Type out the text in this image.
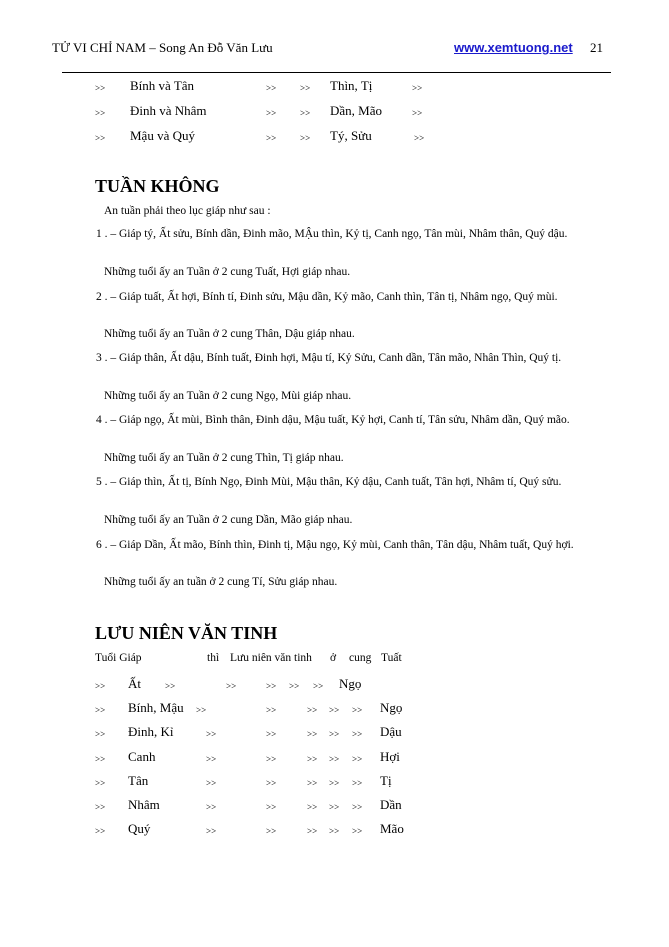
TỬ VI CHỈ NAM – Song An Đỗ Văn Lưu	www.xemtuong.net 21
>> Bính và Tân	>>	>> Thìn, Tị	>>
>> Đinh và Nhâm	>>	>> Dần, Mão	>>
>> Mậu và Quý	>>	>> Tý, Sửu	>>
TUẦN KHÔNG
An tuần phải theo lục giáp như sau :
1 . – Giáp tý, Ất sửu, Bính dần, Đinh mão, MẬu thìn, Kỷ tị, Canh ngọ, Tân mùi, Nhâm thân, Quý dậu.
Những tuổi ấy an Tuần ở 2 cung Tuất, Hợi giáp nhau.
2 . – Giáp tuất, Ất hợi, Bính tí, Đinh sửu, Mậu dần, Kỷ mão, Canh thìn, Tân tị, Nhâm ngọ, Quý mùi.
Những tuổi ấy an Tuần ở 2 cung Thân, Dậu giáp nhau.
3 . – Giáp thân, Ất dậu, Bính tuất, Đinh hợi, Mậu tí, Kỷ Sửu, Canh dần, Tân mão, Nhân Thìn, Quý tị.
Những tuổi ấy an Tuần ở 2 cung Ngọ, Mùi giáp nhau.
4 . – Giáp ngọ, Ất mùi, Bình thân, Đinh dậu, Mậu tuất, Kỷ hợi, Canh tí, Tân sửu, Nhâm dần, Quý mão.
Những tuổi ấy an Tuần ở 2 cung Thìn, Tị giáp nhau.
5 . – Giáp thìn, Ất tị, Bính Ngọ, Đinh Mùi, Mậu thân, Kỷ dậu, Canh tuất, Tân hợi, Nhâm tí, Quý sửu.
Những tuổi ấy an Tuần ở 2 cung Dần, Mão giáp nhau.
6 . – Giáp Dần, Ất mão, Bính thìn, Đinh tị, Mậu ngọ, Kỷ mùi, Canh thân, Tân dậu, Nhâm tuất, Quý hợi.
Những tuổi ấy an tuần ở 2 cung Tí, Sửu giáp nhau.
LƯU NIÊN VĂN TINH
Tuổi Giáp	thì Lưu niên văn tinh ở cung Tuất
>> Ất	>>	>>	>> >> >> Ngọ
>> Bính, Mậu >>	>>	>> >> >> Ngọ
>> Đinh, Kỉ	>>	>>	>> >> >> Dậu
>> Canh	>>	>>	>> >> >> Hợi
>> Tân	>>	>>	>> >> >> Tị
>> Nhâm	>>	>>	>> >> >> Dần
>> Quý	>>	>>	>> >> >> Mão
